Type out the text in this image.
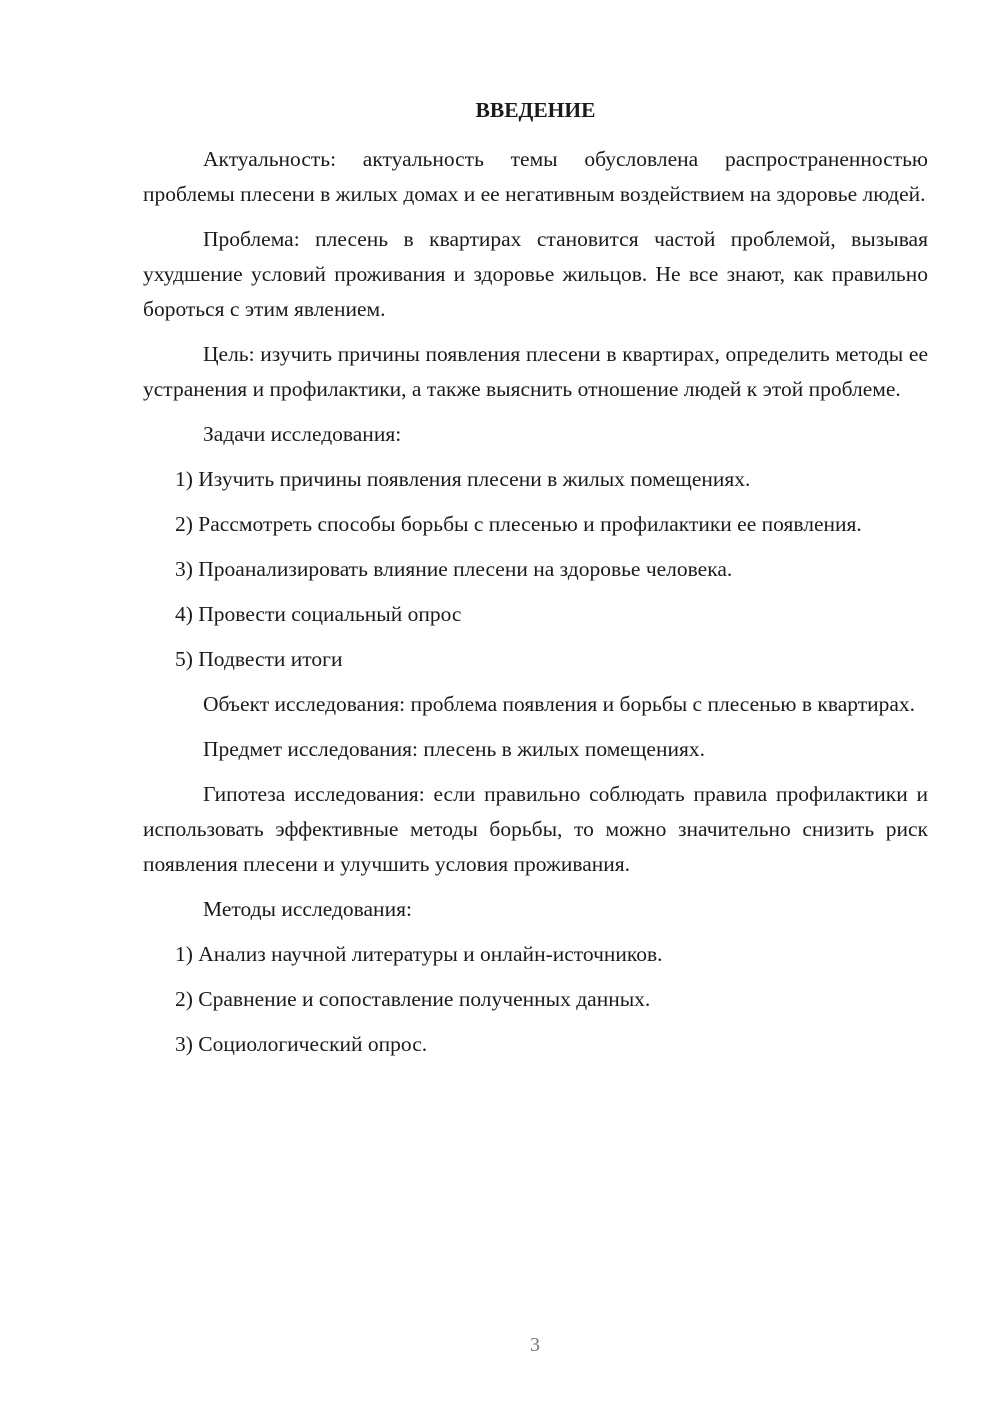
ВВЕДЕНИЕ

Актуальность: актуальность темы обусловлена распространенностью проблемы плесени в жилых домах и ее негативным воздействием на здоровье людей.

Проблема: плесень в квартирах становится частой проблемой, вызывая ухудшение условий проживания и здоровье жильцов. Не все знают, как правильно бороться с этим явлением.

Цель: изучить причины появления плесени в квартирах, определить методы ее устранения и профилактики, а также выяснить отношение людей к этой проблеме.

Задачи исследования:

1) Изучить причины появления плесени в жилых помещениях.

2) Рассмотреть способы борьбы с плесенью и профилактики ее появления.

3) Проанализировать влияние плесени на здоровье человека.

4) Провести социальный опрос

5) Подвести итоги

Объект исследования: проблема появления и борьбы с плесенью в квартирах.

Предмет исследования: плесень в жилых помещениях.

Гипотеза исследования: если правильно соблюдать правила профилактики и использовать эффективные методы борьбы, то можно значительно снизить риск появления плесени и улучшить условия проживания.

Методы исследования:

1) Анализ научной литературы и онлайн-источников.

2) Сравнение и сопоставление полученных данных.

3) Социологический опрос.

3
